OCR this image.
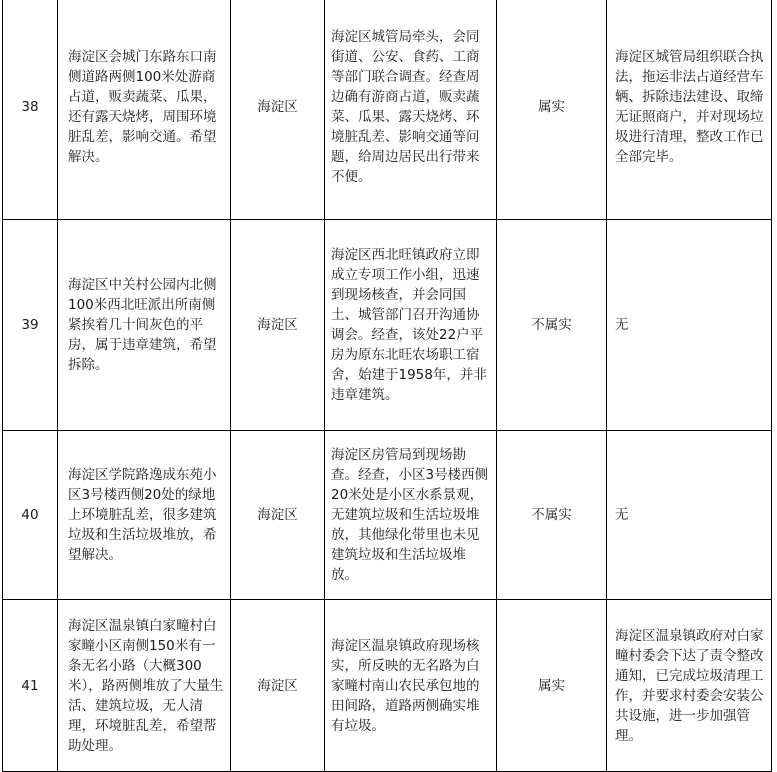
38	海淀区会城门东路东口南侧道路两侧100米处游商占道，贩卖蔬菜、瓜果，还有露天烧烤，周围环境脏乱差，影响交通。希望解决。	海淀区	海淀区城管局牵头，会同街道、公安、食药、工商等部门联合调查。经查周边确有游商占道，贩卖蔬菜、瓜果、露天烧烤、环境脏乱差、影响交通等问题，给周边居民出行带来不便。	属实	海淀区城管局组织联合执法，拖运非法占道经营车辆、拆除违法建设、取缔无证照商户，并对现场垃圾进行清理，整改工作已全部完毕。

39	海淀区中关村公园内北侧100米西北旺派出所南侧紧挨着几十间灰色的平房，属于违章建筑，希望拆除。	海淀区	海淀区西北旺镇政府立即成立专项工作小组，迅速到现场核查，并会同国土、城管部门召开沟通协调会。经查，该处22户平房为原东北旺农场职工宿舍，始建于1958年，并非违章建筑。	不属实	无

40	海淀区学院路逸成东苑小区3号楼西侧20处的绿地上环境脏乱差，很多建筑垃圾和生活垃圾堆放，希望解决。	海淀区	海淀区房管局到现场勘查。经查，小区3号楼西侧20米处是小区水系景观，无建筑垃圾和生活垃圾堆放，其他绿化带里也未见建筑垃圾和生活垃圾堆放。	不属实	无

41	海淀区温泉镇白家疃村白家疃小区南侧150米有一条无名小路（大概300米），路两侧堆放了大量生活、建筑垃圾，无人清理，环境脏乱差，希望帮助处理。	海淀区	海淀区温泉镇政府现场核实，所反映的无名路为白家疃村南山农民承包地的田间路，道路两侧确实堆有垃圾。	属实	海淀区温泉镇政府对白家疃村委会下达了责令整改通知，已完成垃圾清理工作，并要求村委会安装公共设施，进一步加强管理。
